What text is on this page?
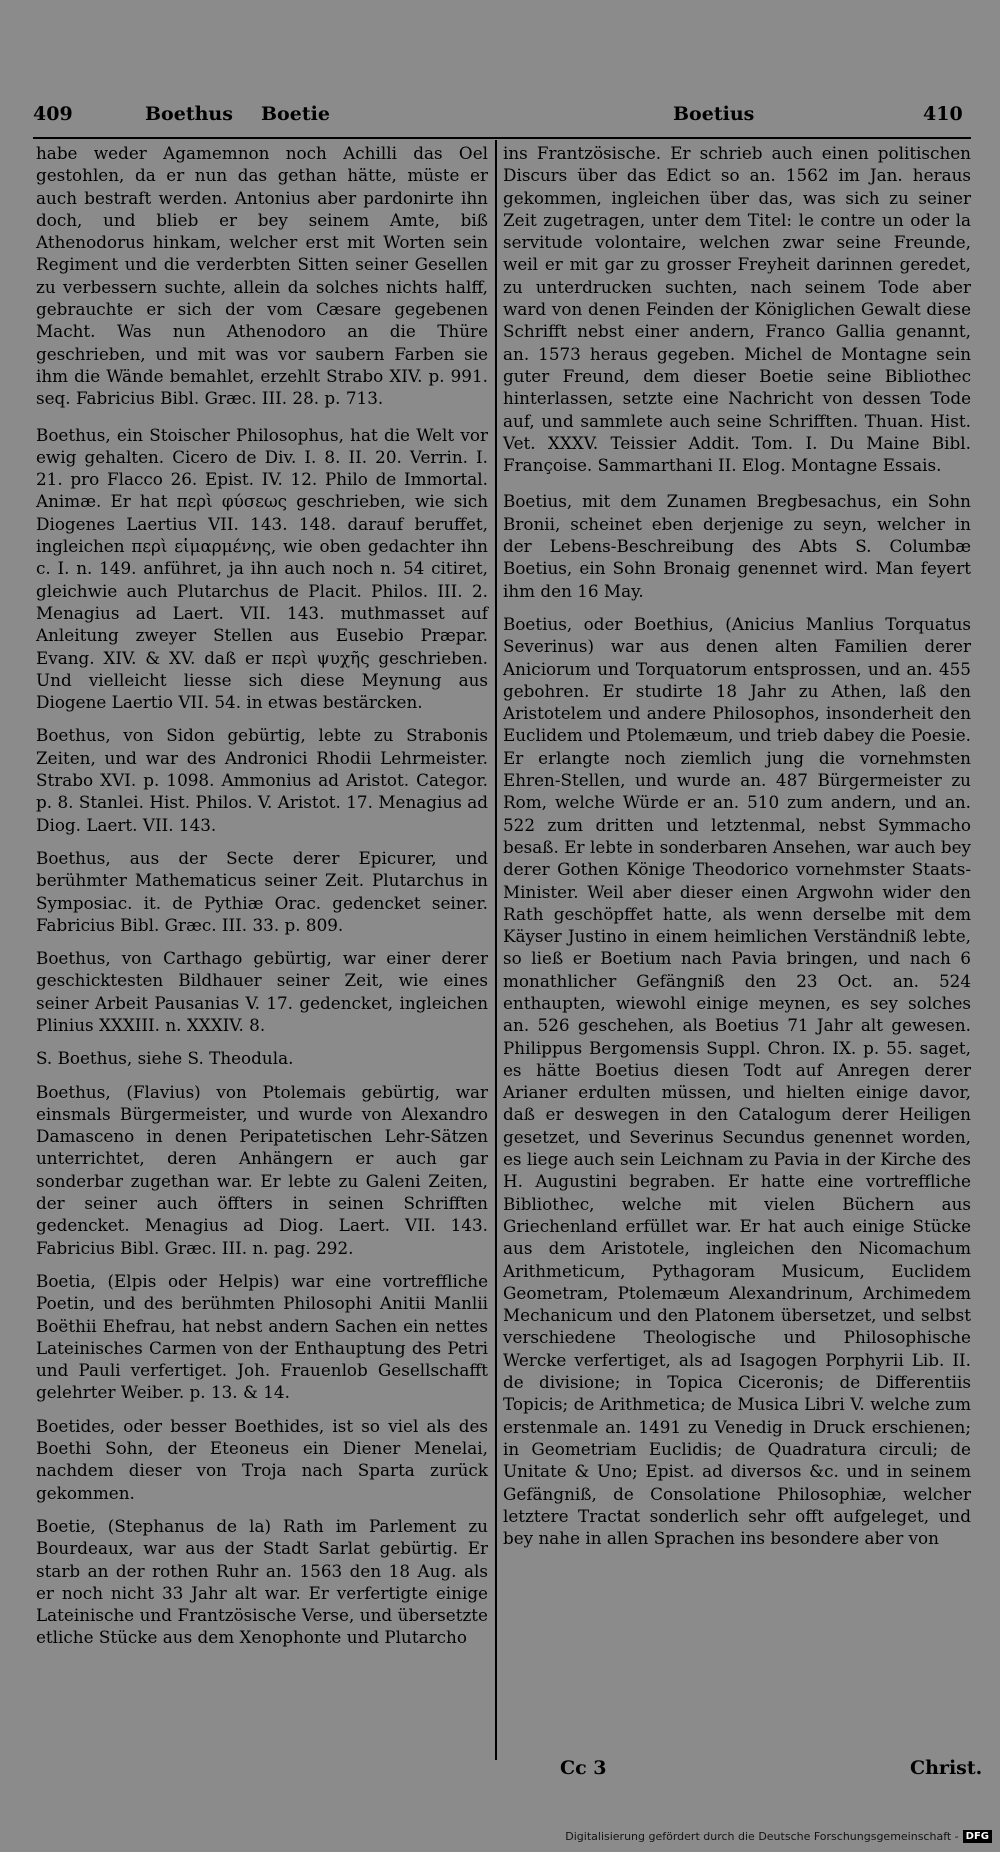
409	Boethus Boetie	Boetius	410

habe weder Agamemnon noch Achilli das Oel gestohlen, da er nun das gethan hätte, müste er auch bestraft werden. Antonius aber pardonirte ihn doch, und blieb er bey seinem Amte, biß Athenodorus hinkam, welcher erst mit Worten sein Regiment und die verderbten Sitten seiner Gesellen zu verbessern suchte, allein da solches nichts halff, gebrauchte er sich der vom Cæsare gegebenen Macht. Was nun Athenodoro an die Thüre geschrieben, und mit was vor saubern Farben sie ihm die Wände bemahlet, erzehlt Strabo XIV. p. 991. seq. Fabricius Bibl. Græc. III. 28. p. 713.

Boethus, ein Stoischer Philosophus, hat die Welt vor ewig gehalten. Cicero de Div. I. 8. II. 20. Verrin. I. 21. pro Flacco 26. Epist. IV. 12. Philo de Immortal. Animæ. Er hat περὶ φύσεως geschrieben, wie sich Diogenes Laertius VII. 143. 148. darauf beruffet, ingleichen περὶ εἱμαρμένης, wie oben gedachter ihn c. I. n. 149. anführet, ja ihn auch noch n. 54 citiret, gleichwie auch Plutarchus de Placit. Philos. III. 2. Menagius ad Laert. VII. 143. muthmasset auf Anleitung zweyer Stellen aus Eusebio Præpar. Evang. XIV. & XV. daß er περὶ ψυχῆς geschrieben. Und vielleicht liesse sich diese Meynung aus Diogene Laertio VII. 54. in etwas bestärcken.

Boethus, von Sidon gebürtig, lebte zu Strabonis Zeiten, und war des Andronici Rhodii Lehrmeister. Strabo XVI. p. 1098. Ammonius ad Aristot. Categor. p. 8. Stanlei. Hist. Philos. V. Aristot. 17. Menagius ad Diog. Laert. VII. 143.

Boethus, aus der Secte derer Epicurer, und berühmter Mathematicus seiner Zeit. Plutarchus in Symposiac. it. de Pythiæ Orac. gedencket seiner. Fabricius Bibl. Græc. III. 33. p. 809.

Boethus, von Carthago gebürtig, war einer derer geschicktesten Bildhauer seiner Zeit, wie eines seiner Arbeit Pausanias V. 17. gedencket, ingleichen Plinius XXXIII. n. XXXIV. 8.

S. Boethus, siehe S. Theodula.

Boethus, (Flavius) von Ptolemais gebürtig, war einsmals Bürgermeister, und wurde von Alexandro Damasceno in denen Peripatetischen Lehr-Sätzen unterrichtet, deren Anhängern er auch gar sonderbar zugethan war. Er lebte zu Galeni Zeiten, der seiner auch öffters in seinen Schrifften gedencket. Menagius ad Diog. Laert. VII. 143. Fabricius Bibl. Græc. III. n. pag. 292.

Boetia, (Elpis oder Helpis) war eine vortreffliche Poetin, und des berühmten Philosophi Anitii Manlii Boëthii Ehefrau, hat nebst andern Sachen ein nettes Lateinisches Carmen von der Enthauptung des Petri und Pauli verfertiget. Joh. Frauenlob Gesellschafft gelehrter Weiber. p. 13. & 14.

Boetides, oder besser Boethides, ist so viel als des Boethi Sohn, der Eteoneus ein Diener Menelai, nachdem dieser von Troja nach Sparta zurück gekommen.

Boetie, (Stephanus de la) Rath im Parlement zu Bourdeaux, war aus der Stadt Sarlat gebürtig. Er starb an der rothen Ruhr an. 1563 den 18 Aug. als er noch nicht 33 Jahr alt war. Er verfertigte einige Lateinische und Frantzösische Verse, und übersetzte etliche Stücke aus dem Xenophonte und Plutarcho

ins Frantzösische. Er schrieb auch einen politischen Discurs über das Edict so an. 1562 im Jan. heraus gekommen, ingleichen über das, was sich zu seiner Zeit zugetragen, unter dem Titel: le contre un oder la servitude volontaire, welchen zwar seine Freunde, weil er mit gar zu grosser Freyheit darinnen geredet, zu unterdrucken suchten, nach seinem Tode aber ward von denen Feinden der Königlichen Gewalt diese Schrifft nebst einer andern, Franco Gallia genannt, an. 1573 heraus gegeben. Michel de Montagne sein guter Freund, dem dieser Boetie seine Bibliothec hinterlassen, setzte eine Nachricht von dessen Tode auf, und sammlete auch seine Schrifften. Thuan. Hist. Vet. XXXV. Teissier Addit. Tom. I. Du Maine Bibl. Françoise. Sammarthani II. Elog. Montagne Essais.

Boetius, mit dem Zunamen Bregbesachus, ein Sohn Bronii, scheinet eben derjenige zu seyn, welcher in der Lebens-Beschreibung des Abts S. Columbæ Boetius, ein Sohn Bronaig genennet wird. Man feyert ihm den 16 May.

Boetius, oder Boethius, (Anicius Manlius Torquatus Severinus) war aus denen alten Familien derer Aniciorum und Torquatorum entsprossen, und an. 455 gebohren. Er studirte 18 Jahr zu Athen, laß den Aristotelem und andere Philosophos, insonderheit den Euclidem und Ptolemæum, und trieb dabey die Poesie. Er erlangte noch ziemlich jung die vornehmsten Ehren-Stellen, und wurde an. 487 Bürgermeister zu Rom, welche Würde er an. 510 zum andern, und an. 522 zum dritten und letztenmal, nebst Symmacho besaß. Er lebte in sonderbaren Ansehen, war auch bey derer Gothen Könige Theodorico vornehmster Staats-Minister. Weil aber dieser einen Argwohn wider den Rath geschöpffet hatte, als wenn derselbe mit dem Käyser Justino in einem heimlichen Verständniß lebte, so ließ er Boetium nach Pavia bringen, und nach 6 monathlicher Gefängniß den 23 Oct. an. 524 enthaupten, wiewohl einige meynen, es sey solches an. 526 geschehen, als Boetius 71 Jahr alt gewesen. Philippus Bergomensis Suppl. Chron. IX. p. 55. saget, es hätte Boetius diesen Todt auf Anregen derer Arianer erdulten müssen, und hielten einige davor, daß er deswegen in den Catalogum derer Heiligen gesetzet, und Severinus Secundus genennet worden, es liege auch sein Leichnam zu Pavia in der Kirche des H. Augustini begraben. Er hatte eine vortreffliche Bibliothec, welche mit vielen Büchern aus Griechenland erfüllet war. Er hat auch einige Stücke aus dem Aristotele, ingleichen den Nicomachum Arithmeticum, Pythagoram Musicum, Euclidem Geometram, Ptolemæum Alexandrinum, Archimedem Mechanicum und den Platonem übersetzet, und selbst verschiedene Theologische und Philosophische Wercke verfertiget, als ad Isagogen Porphyrii Lib. II. de divisione; in Topica Ciceronis; de Differentiis Topicis; de Arithmetica; de Musica Libri V. welche zum erstenmale an. 1491 zu Venedig in Druck erschienen; in Geometriam Euclidis; de Quadratura circuli; de Unitate & Uno; Epist. ad diversos &c. und in seinem Gefängniß, de Consolatione Philosophiæ, welcher letztere Tractat sonderlich sehr offt aufgeleget, und bey nahe in allen Sprachen ins besondere aber von

Cc 3	Christ.
Digitalisierung gefördert durch die Deutsche Forschungsgemeinschaft - DFG
